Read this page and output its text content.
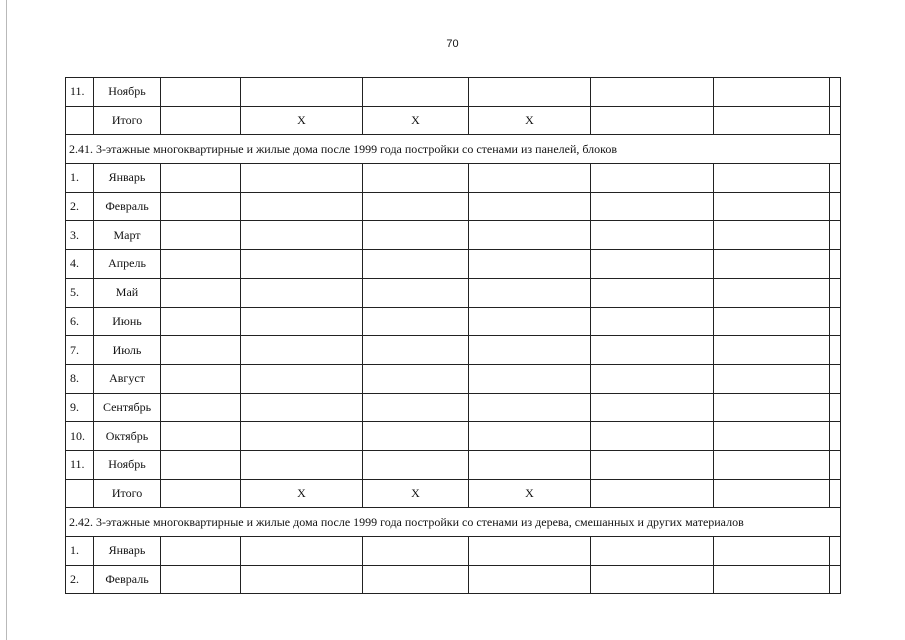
70
11.	Ноябрь								
	Итого		X	X	X				
2.41. 3-этажные многоквартирные и жилые дома после 1999 года постройки со стенами из панелей, блоков									
1.	Январь								
2.	Февраль								
3.	Март								
4.	Апрель								
5.	Май								
6.	Июнь								
7.	Июль								
8.	Август								
9.	Сентябрь								
10.	Октябрь								
11.	Ноябрь								
	Итого		X	X	X				
2.42. 3-этажные многоквартирные и жилые дома после 1999 года постройки со стенами из дерева, смешанных и других материалов									
1.	Январь								
2.	Февраль								
